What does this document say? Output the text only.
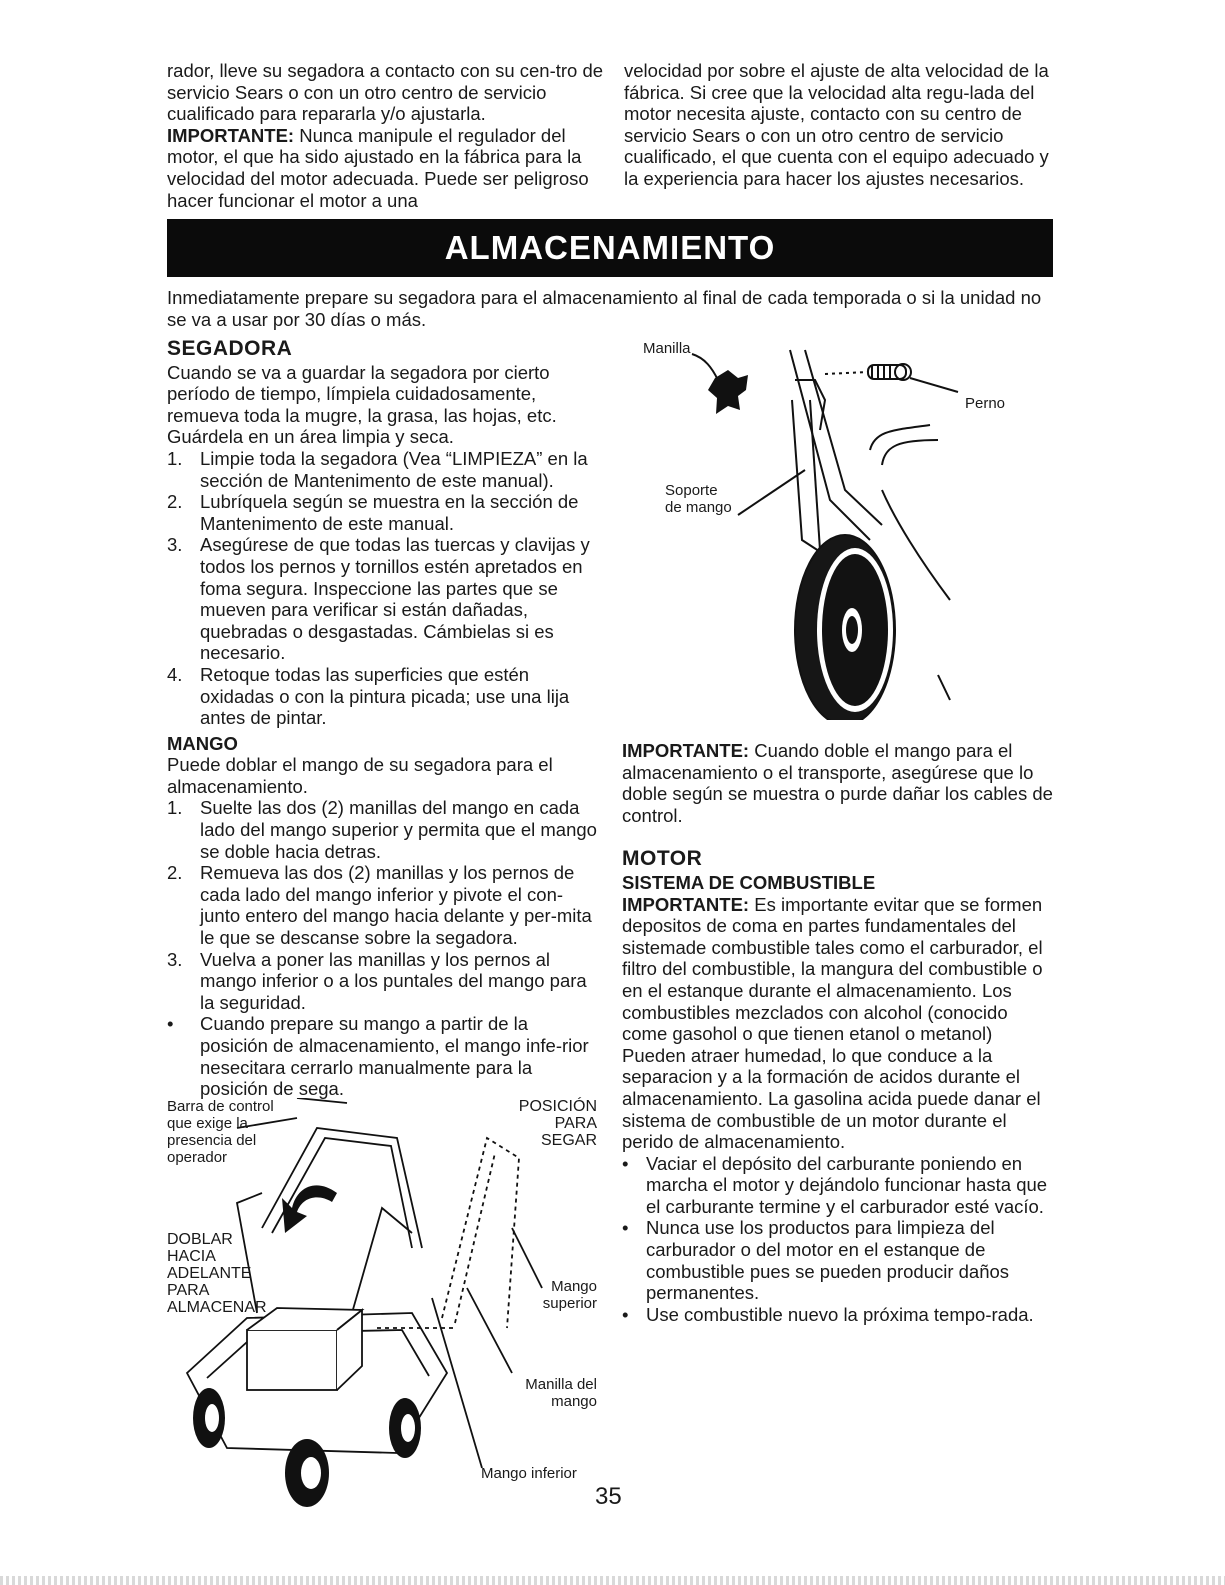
rador, lleve su segadora a contacto con su cen-tro de servicio Sears o con un otro centro de servicio cualificado para repararla y/o ajustarla. IMPORTANTE: Nunca manipule el regulador del motor, el que ha sido ajustado en la fábrica para la velocidad del motor adecuada. Puede ser peligroso hacer funcionar el motor a una

velocidad por sobre el ajuste de alta velocidad de la fábrica. Si cree que la velocidad alta regu-lada del motor necesita ajuste, contacto con su centro de servicio Sears o con un otro centro de servicio cualificado, el que cuenta con el equipo adecuado y la experiencia para hacer los ajustes necesarios.

ALMACENAMIENTO
Inmediatamente prepare su segadora para el almacenamiento al final de cada temporada o si la unidad no se va a usar por 30 días o más.
SEGADORA

Cuando se va a guardar la segadora por cierto período de tiempo, límpiela cuidadosamente, remueva toda la mugre, la grasa, las hojas, etc. Guárdela en un área limpia y seca.

1. Limpie toda la segadora (Vea “LIMPIEZA” en la sección de Mantenimento de este manual).
2. Lubríquela según se muestra en la sección de Mantenimento de este manual.
3. Asegúrese de que todas las tuercas y clavijas y todos los pernos y tornillos estén apretados en foma segura. Inspeccione las partes que se mueven para verificar si están dañadas, quebradas o desgastadas. Cámbielas si es necesario.
4. Retoque todas las superficies que estén oxidadas o con la pintura picada; use una lija antes de pintar.
MANGO

Puede doblar el mango de su segadora para el almacenamiento.

1. Suelte las dos (2) manillas del mango en cada lado del mango superior y permita que el mango se doble hacia detras.
2. Remueva las dos (2) manillas y los pernos de cada lado del mango inferior y pivote el con-junto entero del mango hacia delante y per-mita le que se descanse sobre la segadora.
3. Vuelva a poner las manillas y los pernos al mango inferior o a los puntales del mango para la seguridad.
• Cuando prepare su mango a partir de la posición de almacenamiento, el mango infe-rior nesecitara cerrarlo manualmente para la posición de sega.
Manilla
Perno
Soporte
de mango
Barra de control
que exige la
presencia del
operador
POSICIÓN
PARA
SEGAR
DOBLAR
HACIA
ADELANTE
PARA
ALMACENAR
Mango
superior
Manilla del
mango
Mango inferior

IMPORTANTE: Cuando doble el mango para el almacenamiento o el transporte, asegúrese que lo doble según se muestra o purde dañar los cables de control.

MOTOR
SISTEMA DE COMBUSTIBLE

IMPORTANTE: Es importante evitar que se formen depositos de coma en partes fundamentales del sistemade combustible tales como el carburador, el filtro del combustible, la mangura del combustible o en el estanque durante el almacenamiento. Los combustibles mezclados con alcohol (conocido come gasohol o que tienen etanol o metanol) Pueden atraer humedad, lo que conduce a la separacion y a la formación de acidos durante el almacenamiento. La gasolina acida puede danar el sistema de combustible de un motor durante el perido de almacenamiento.

• Vaciar el depósito del carburante poniendo en marcha el motor y dejándolo funcionar hasta que el carburante termine y el carburador esté vacío.
• Nunca use los productos para limpieza del carburador o del motor en el estanque de combustible pues se pueden producir daños permanentes.
• Use combustible nuevo la próxima tempo-rada.
35
